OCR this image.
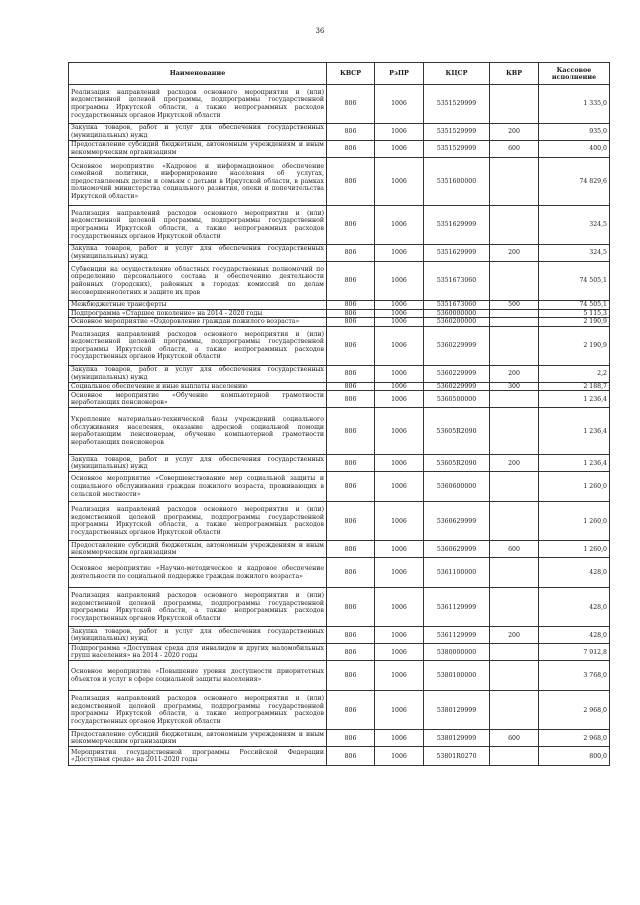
36
Наименование	КВСР	РзПР	КЦСР	КВР	Кассовое исполнение
Реализация направлений расходов основного мероприятия и (или) ведомственной целевой программы, подпрограммы государственной программы Иркутской области, а также непрограммных расходов государственных органов Иркутской области	806	1006	5351529999		1 335,0
Закупка товаров, работ и услуг для обеспечения государственных (муниципальных) нужд	806	1006	5351529999	200	935,0
Предоставление субсидий бюджетным, автономным учреждениям и иным некоммерческим организациям	806	1006	5351529999	600	400,0
Основное мероприятие «Кадровое и информационное обеспечение семейной политики, информирование населения об услугах, предоставляемых детям и семьям с детьми в Иркутской области, в рамках полномочий министерства социального развития, опеки и попечительства Иркутской области»	806	1006	5351600000		74 829,6
Реализация направлений расходов основного мероприятия и (или) ведомственной целевой программы, подпрограммы государственной программы Иркутской области, а также непрограммных расходов государственных органов Иркутской области	806	1006	5351629999		324,5
Закупка товаров, работ и услуг для обеспечения государственных (муниципальных) нужд	806	1006	5351629999	200	324,5
Субвенции на осуществление областных государственных полномочий по определению персонального состава и обеспечению деятельности районных (городских), районных в городах комиссий по делам несовершеннолетних и защите их прав	806	1006	5351673060		74 505,1
Межбюджетные трансферты	806	1006	5351673060	500	74 505,1
Подпрограмма «Старшее поколение» на 2014 - 2020 годы	806	1006	5360000000		5 115,3
Основное мероприятие «Оздоровление граждан пожилого возраста»	806	1006	5360200000		2 190,9
Реализация направлений расходов основного мероприятия и (или) ведомственной целевой программы, подпрограммы государственной программы Иркутской области, а также непрограммных расходов государственных органов Иркутской области	806	1006	5360229999		2 190,9
Закупка товаров, работ и услуг для обеспечения государственных (муниципальных) нужд	806	1006	5360229999	200	2,2
Социальное обеспечение и иные выплаты населению	806	1006	5360229999	300	2 188,7
Основное мероприятие «Обучение компьютерной грамотности неработающих пенсионеров»	806	1006	5360500000		1 236,4
Укрепление материально-технической базы учреждений социального обслуживания населения, оказание адресной социальной помощи неработающим пенсионерам, обучение компьютерной грамотности неработающих пенсионеров	806	1006	53605R2090		1 236,4
Закупка товаров, работ и услуг для обеспечения государственных (муниципальных) нужд	806	1006	53605R2090	200	1 236,4
Основное мероприятие «Совершенствование мер социальной защиты и социального обслуживания граждан пожилого возраста, проживающих в сельской местности»	806	1006	5360600000		1 260,0
Реализация направлений расходов основного мероприятия и (или) ведомственной целевой программы, подпрограммы государственной программы Иркутской области, а также непрограммных расходов государственных органов Иркутской области	806	1006	5360629999		1 260,0
Предоставление субсидий бюджетным, автономным учреждениям и иным некоммерческим организациям	806	1006	5360629999	600	1 260,0
Основное мероприятие «Научно-методическое и кадровое обеспечение деятельности по социальной поддержке граждан пожилого возраста»	806	1006	5361100000		428,0
Реализация направлений расходов основного мероприятия и (или) ведомственной целевой программы, подпрограммы государственной программы Иркутской области, а также непрограммных расходов государственных органов Иркутской области	806	1006	5361129999		428,0
Закупка товаров, работ и услуг для обеспечения государственных (муниципальных) нужд	806	1006	5361129999	200	428,0
Подпрограмма «Доступная среда для инвалидов и других маломобильных групп населения» на 2014 - 2020 годы	806	1006	5380000000		7 912,8
Основное мероприятие «Повышение уровня доступности приоритетных объектов и услуг в сфере социальной защиты населения»	806	1006	5380100000		3 768,0
Реализация направлений расходов основного мероприятия и (или) ведомственной целевой программы, подпрограммы государственной программы Иркутской области, а также непрограммных расходов государственных органов Иркутской области	806	1006	5380129999		2 968,0
Предоставление субсидий бюджетным, автономным учреждениям и иным некоммерческим организациям	806	1006	5380129999	600	2 968,0
Мероприятия государственной программы Российской Федерации «Доступная среда» на 2011-2020 годы	806	1006	53801R0270		800,0
